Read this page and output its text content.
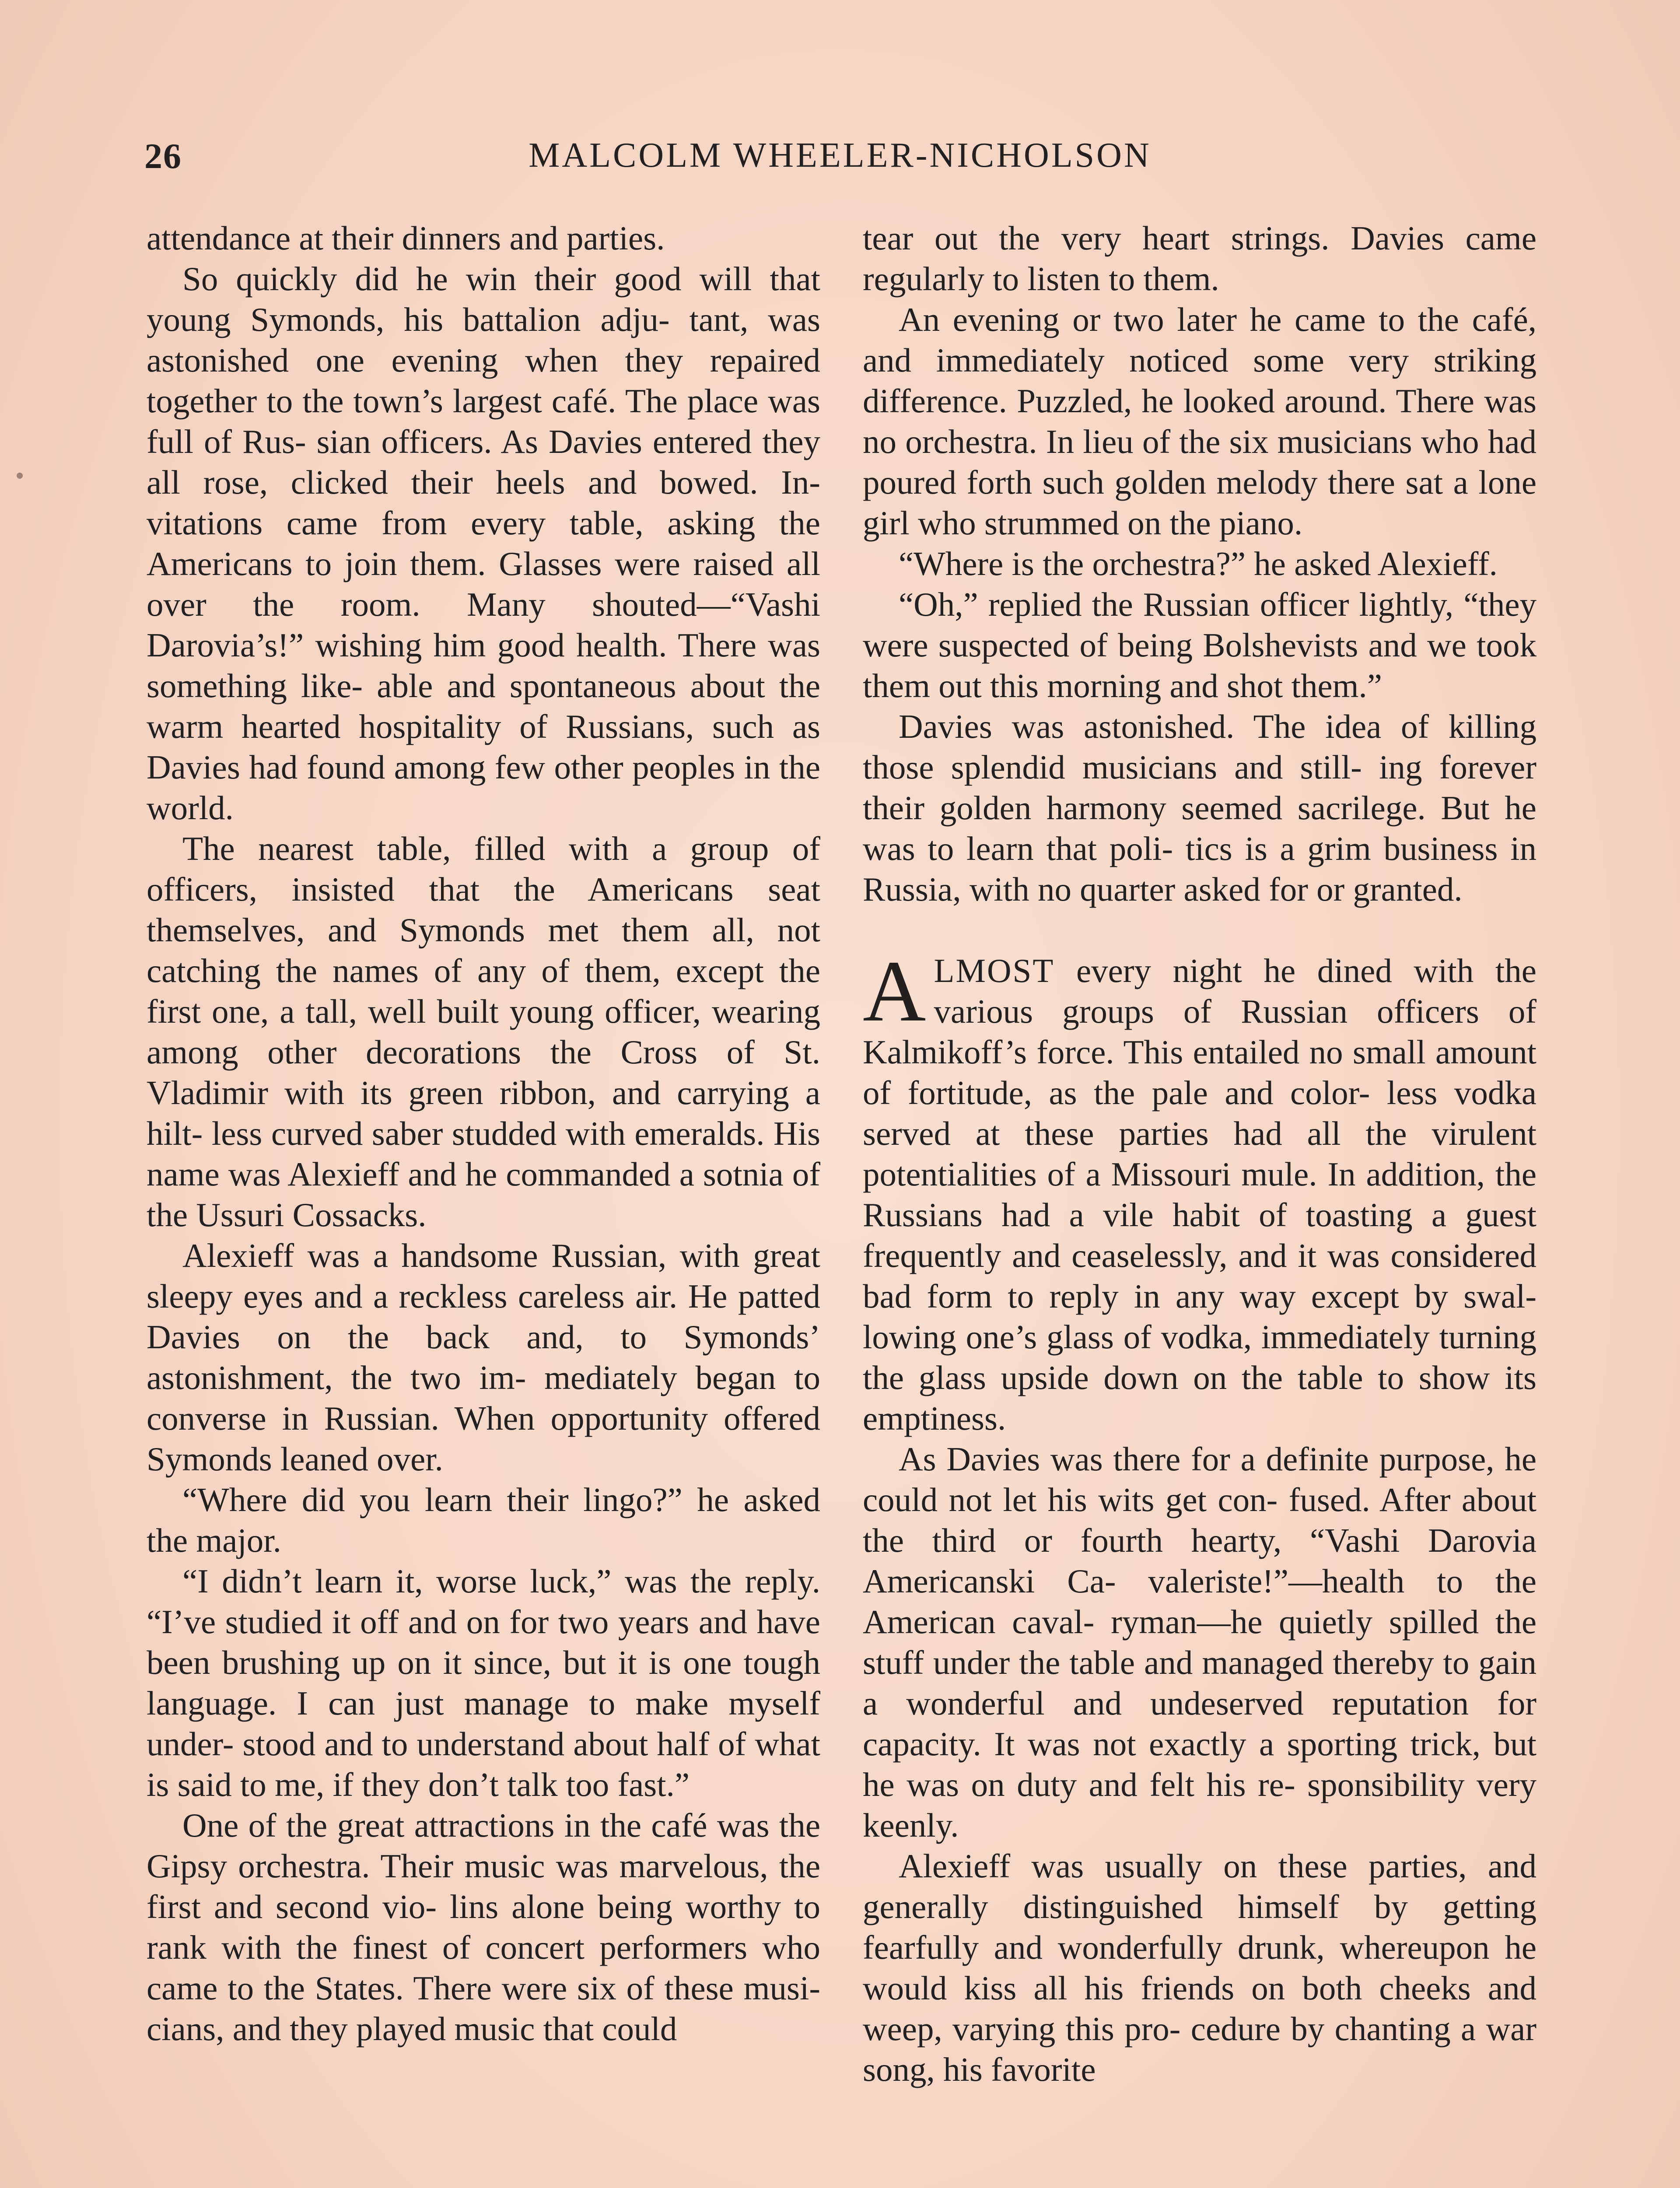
26	MALCOLM WHEELER-NICHOLSON

attendance at their dinners and parties.

So quickly did he win their good will that young Symonds, his battalion adju- tant, was astonished one evening when they repaired together to the town’s largest café. The place was full of Rus- sian officers. As Davies entered they all rose, clicked their heels and bowed. In- vitations came from every table, asking the Americans to join them. Glasses were raised all over the room. Many shouted—“Vashi Darovia’s!” wishing him good health. There was something like- able and spontaneous about the warm hearted hospitality of Russians, such as Davies had found among few other peoples in the world.

The nearest table, filled with a group of officers, insisted that the Americans seat themselves, and Symonds met them all, not catching the names of any of them, except the first one, a tall, well built young officer, wearing among other decorations the Cross of St. Vladimir with its green ribbon, and carrying a hilt- less curved saber studded with emeralds. His name was Alexieff and he commanded a sotnia of the Ussuri Cossacks.

Alexieff was a handsome Russian, with great sleepy eyes and a reckless careless air. He patted Davies on the back and, to Symonds’ astonishment, the two im- mediately began to converse in Russian. When opportunity offered Symonds leaned over.

“Where did you learn their lingo?” he asked the major.

“I didn’t learn it, worse luck,” was the reply. “I’ve studied it off and on for two years and have been brushing up on it since, but it is one tough language. I can just manage to make myself under- stood and to understand about half of what is said to me, if they don’t talk too fast.”

One of the great attractions in the café was the Gipsy orchestra. Their music was marvelous, the first and second vio- lins alone being worthy to rank with the finest of concert performers who came to the States. There were six of these musi- cians, and they played music that could

tear out the very heart strings. Davies came regularly to listen to them.

An evening or two later he came to the café, and immediately noticed some very striking difference. Puzzled, he looked around. There was no orchestra. In lieu of the six musicians who had poured forth such golden melody there sat a lone girl who strummed on the piano.

“Where is the orchestra?” he asked Alexieff.

“Oh,” replied the Russian officer lightly, “they were suspected of being Bolshevists and we took them out this morning and shot them.”

Davies was astonished. The idea of killing those splendid musicians and still- ing forever their golden harmony seemed sacrilege. But he was to learn that poli- tics is a grim business in Russia, with no quarter asked for or granted.

ALMOST every night he dined with the various groups of Russian officers of Kalmikoff’s force. This entailed no small amount of fortitude, as the pale and color- less vodka served at these parties had all the virulent potentialities of a Missouri mule. In addition, the Russians had a vile habit of toasting a guest frequently and ceaselessly, and it was considered bad form to reply in any way except by swal- lowing one’s glass of vodka, immediately turning the glass upside down on the table to show its emptiness.

As Davies was there for a definite purpose, he could not let his wits get con- fused. After about the third or fourth hearty, “Vashi Darovia Americanski Ca- valeriste!”—health to the American caval- ryman—he quietly spilled the stuff under the table and managed thereby to gain a wonderful and undeserved reputation for capacity. It was not exactly a sporting trick, but he was on duty and felt his re- sponsibility very keenly.

Alexieff was usually on these parties, and generally distinguished himself by getting fearfully and wonderfully drunk, whereupon he would kiss all his friends on both cheeks and weep, varying this pro- cedure by chanting a war song, his favorite
